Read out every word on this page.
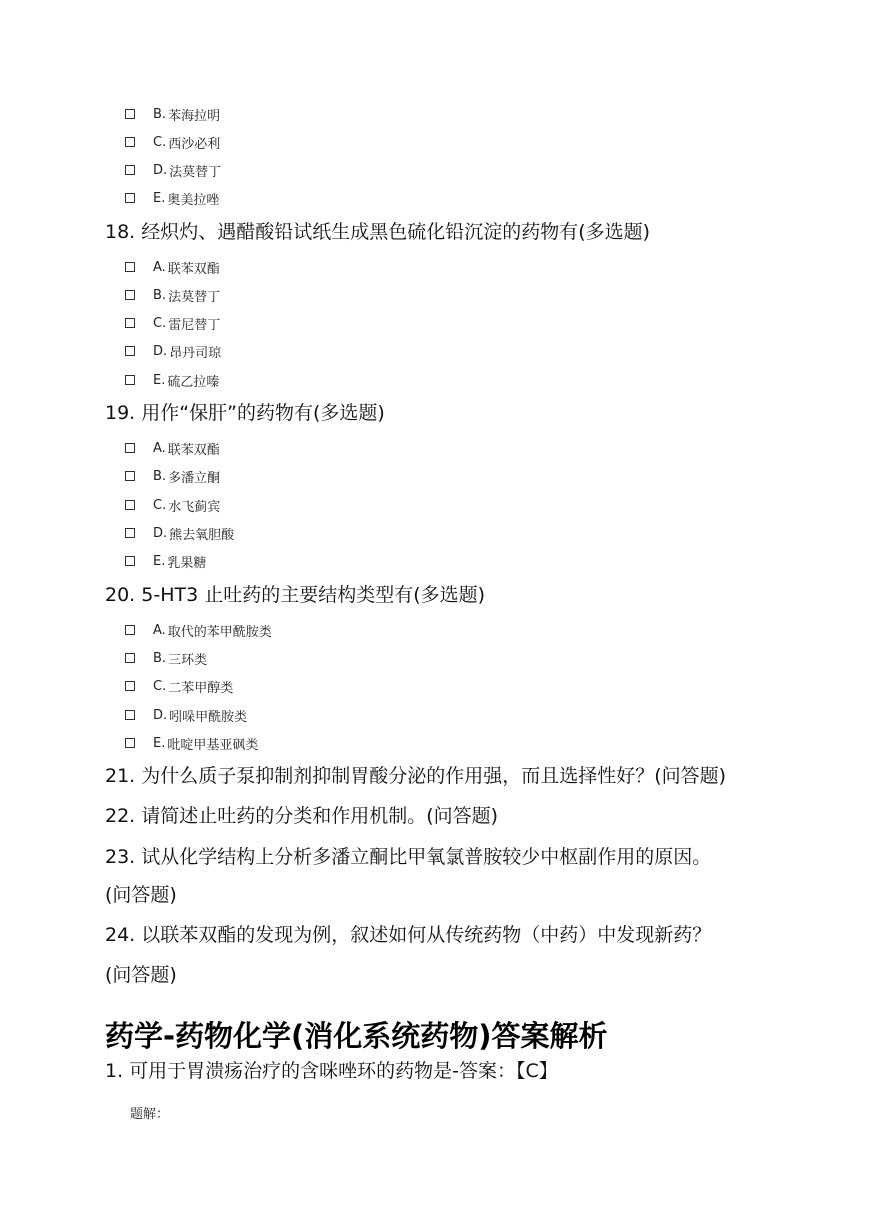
B. 苯海拉明
C. 西沙必利
D. 法莫替丁
E. 奥美拉唑
18. 经炽灼、遇醋酸铅试纸生成黑色硫化铅沉淀的药物有(多选题)
A. 联苯双酯
B. 法莫替丁
C. 雷尼替丁
D. 昂丹司琼
E. 硫乙拉嗪
19. 用作“保肝”的药物有(多选题)
A. 联苯双酯
B. 多潘立酮
C. 水飞蓟宾
D. 熊去氧胆酸
E. 乳果糖
20. 5-HT3 止吐药的主要结构类型有(多选题)
A. 取代的苯甲酰胺类
B. 三环类
C. 二苯甲醇类
D. 吲哚甲酰胺类
E. 吡啶甲基亚砜类
21. 为什么质子泵抑制剂抑制胃酸分泌的作用强，而且选择性好？(问答题)
22. 请简述止吐药的分类和作用机制。(问答题)
23. 试从化学结构上分析多潘立酮比甲氧氯普胺较少中枢副作用的原因。
(问答题)
24. 以联苯双酯的发现为例，叙述如何从传统药物（中药）中发现新药？
(问答题)
药学-药物化学(消化系统药物)答案解析
1. 可用于胃溃疡治疗的含咪唑环的药物是-答案：【C】
题解：
